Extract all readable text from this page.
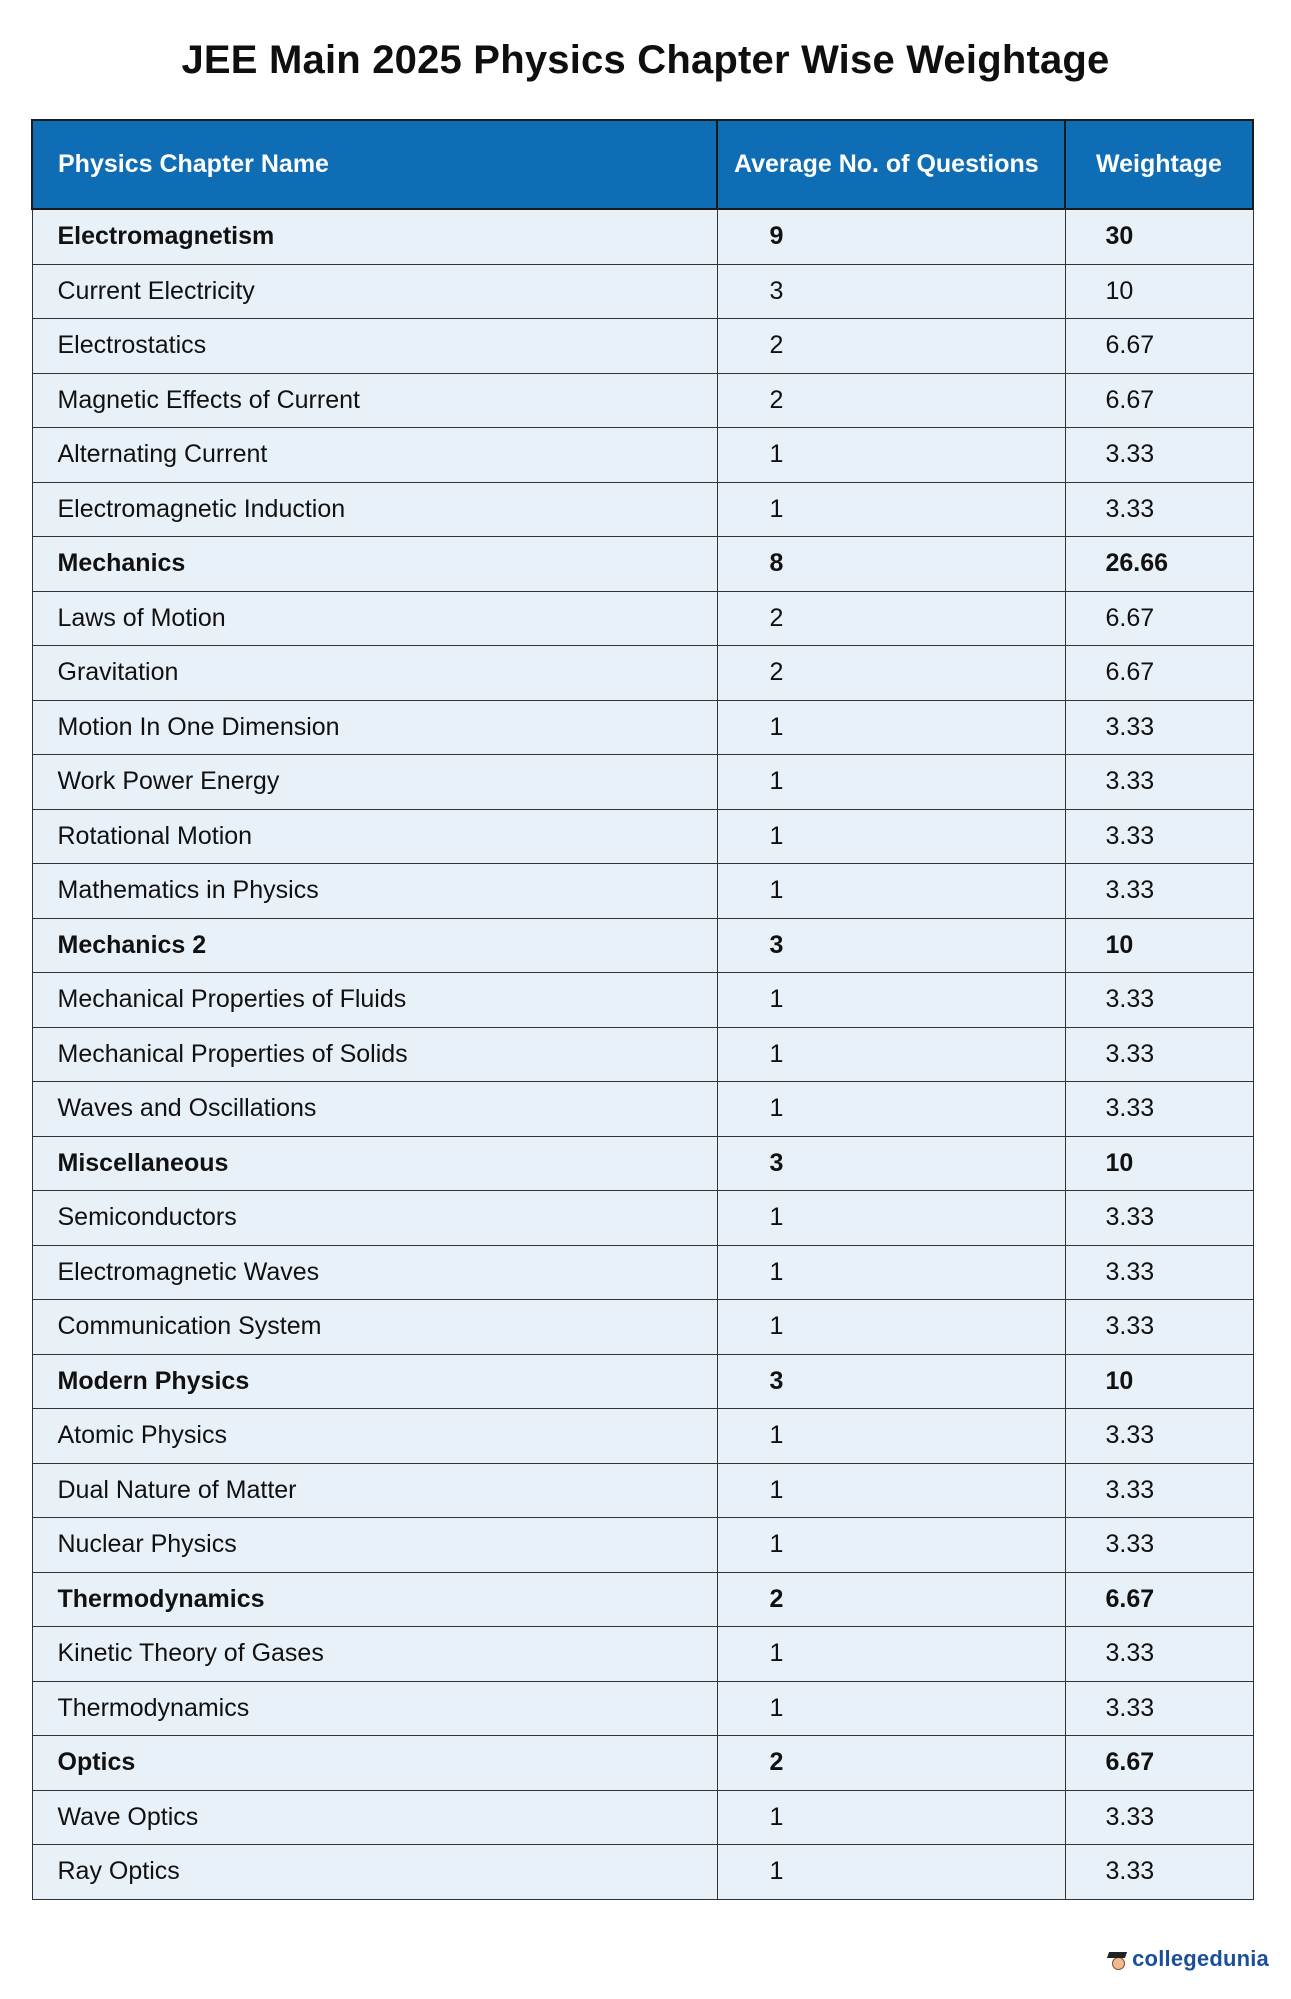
JEE Main 2025 Physics Chapter Wise Weightage
Physics Chapter Name	Average No. of Questions	Weightage
Electromagnetism	9	30
Current Electricity	3	10
Electrostatics	2	6.67
Magnetic Effects of Current	2	6.67
Alternating Current	1	3.33
Electromagnetic Induction	1	3.33
Mechanics	8	26.66
Laws of Motion	2	6.67
Gravitation	2	6.67
Motion In One Dimension	1	3.33
Work Power Energy	1	3.33
Rotational Motion	1	3.33
Mathematics in Physics	1	3.33
Mechanics 2	3	10
Mechanical Properties of Fluids	1	3.33
Mechanical Properties of Solids	1	3.33
Waves and Oscillations	1	3.33
Miscellaneous	3	10
Semiconductors	1	3.33
Electromagnetic Waves	1	3.33
Communication System	1	3.33
Modern Physics	3	10
Atomic Physics	1	3.33
Dual Nature of Matter	1	3.33
Nuclear Physics	1	3.33
Thermodynamics	2	6.67
Kinetic Theory of Gases	1	3.33
Thermodynamics	1	3.33
Optics	2	6.67
Wave Optics	1	3.33
Ray Optics	1	3.33
collegedunia
